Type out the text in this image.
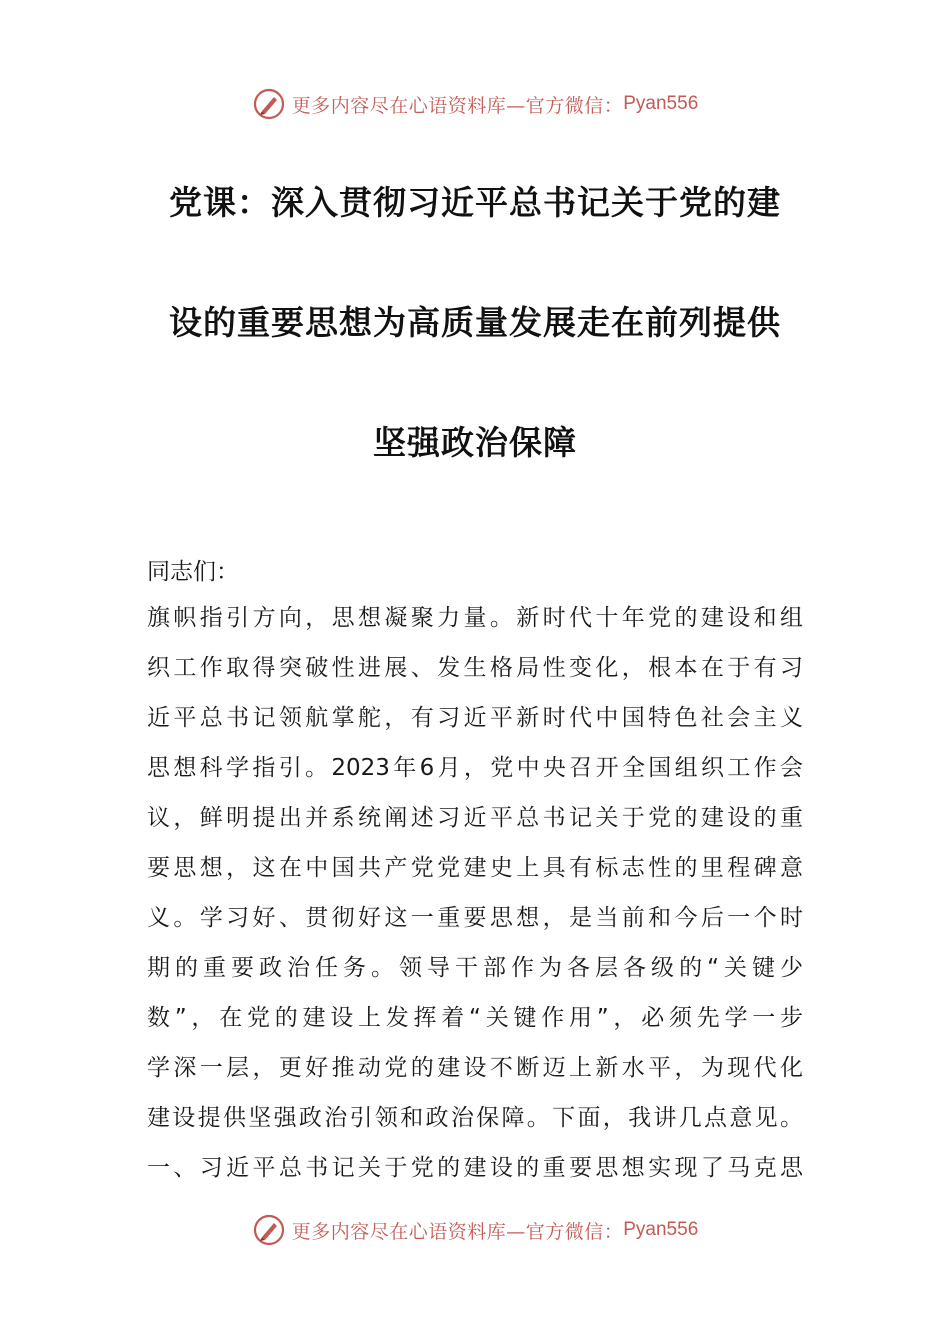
更多内容尽在心语资料库—官方微信： Pyan556
党课：深入贯彻习近平总书记关于党的建
设的重要思想为高质量发展走在前列提供
坚强政治保障
同志们：
旗帜指引方向，思想凝聚力量。新时代十年党的建设和组
织工作取得突破性进展、发生格局性变化，根本在于有习
近平总书记领航掌舵，有习近平新时代中国特色社会主义
思想科学指引。2023年6月，党中央召开全国组织工作会
议，鲜明提出并系统阐述习近平总书记关于党的建设的重
要思想，这在中国共产党党建史上具有标志性的里程碑意
义。学习好、贯彻好这一重要思想，是当前和今后一个时
期的重要政治任务。领导干部作为各层各级的“关键少
数”，在党的建设上发挥着“关键作用”，必须先学一步
学深一层，更好推动党的建设不断迈上新水平，为现代化
建设提供坚强政治引领和政治保障。下面，我讲几点意见。
一、习近平总书记关于党的建设的重要思想实现了马克思
更多内容尽在心语资料库—官方微信： Pyan556
